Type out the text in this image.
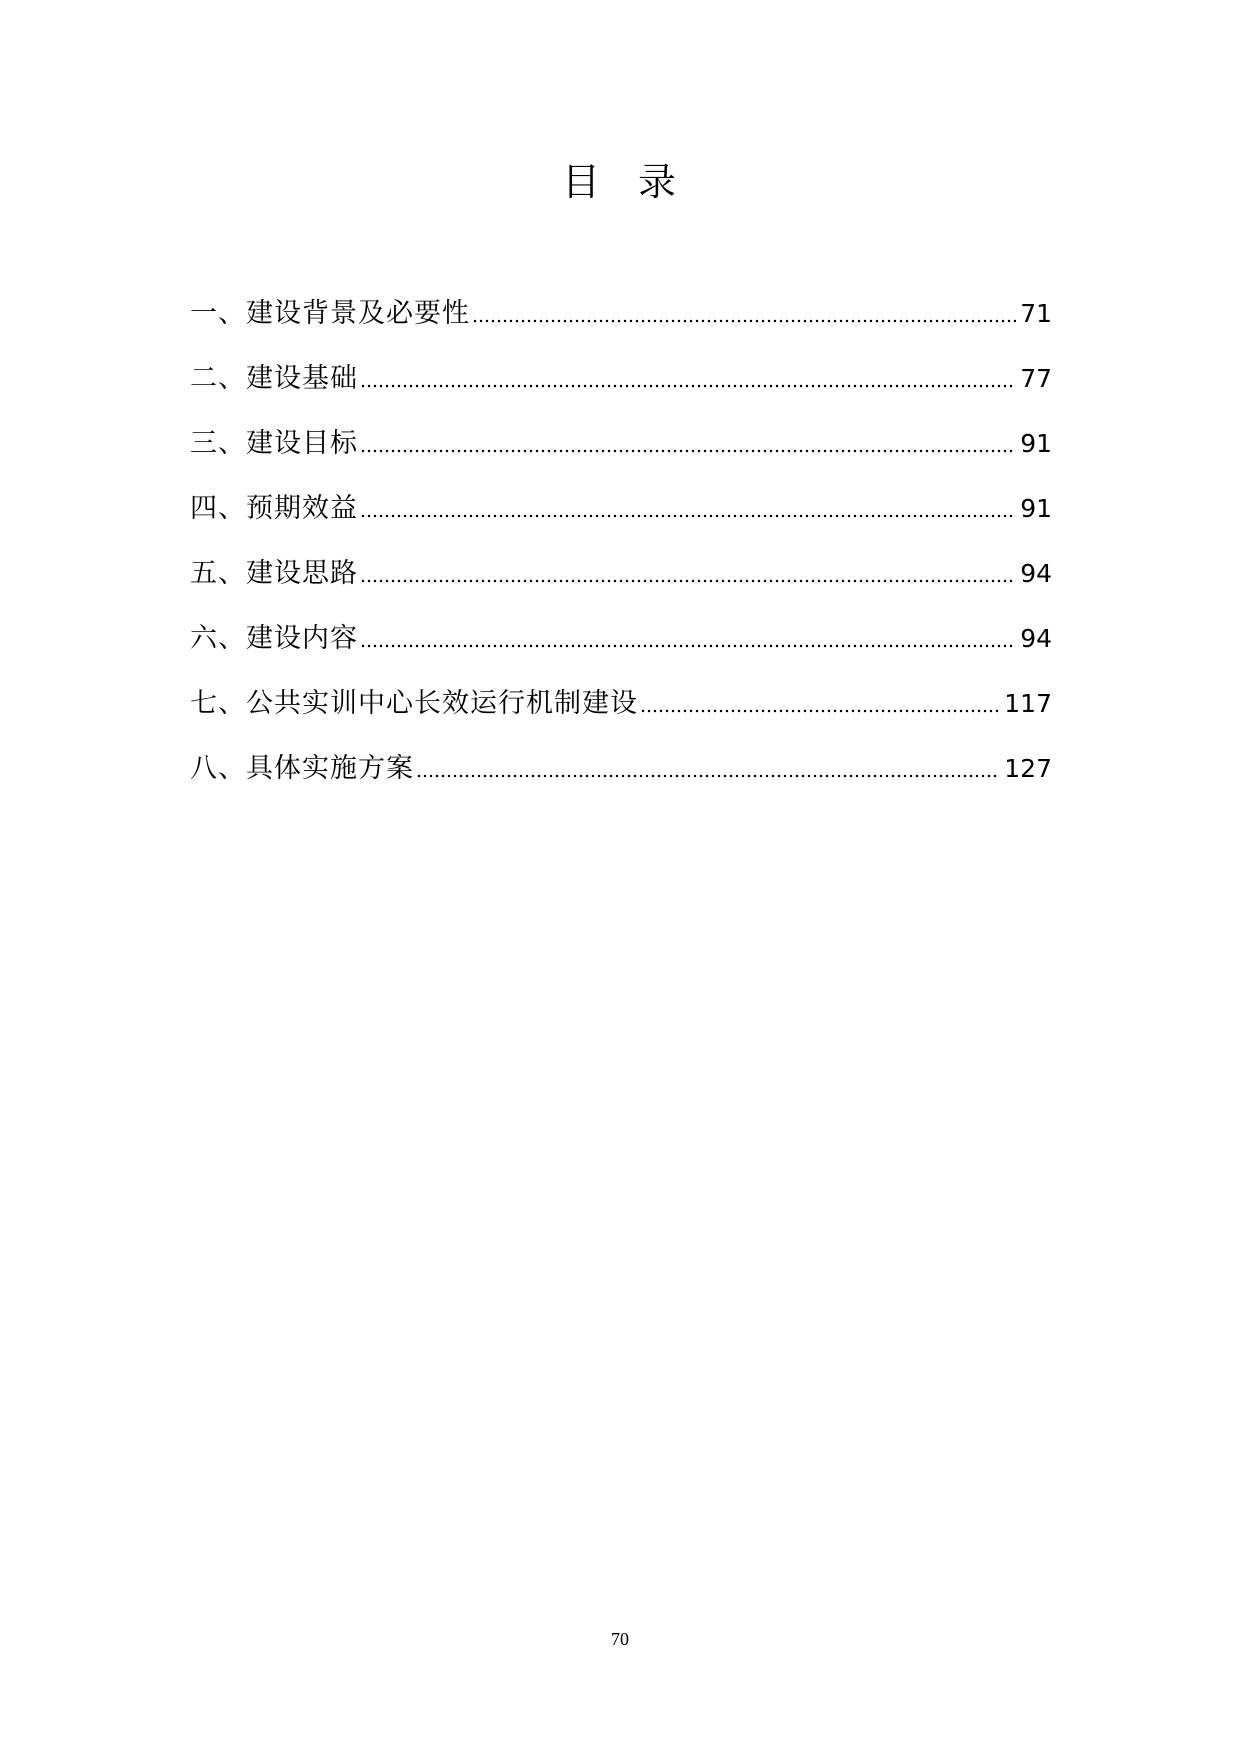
目 录
一、建设背景及必要性	71
二、建设基础	77
三、建设目标	91
四、预期效益	91
五、建设思路	94
六、建设内容	94
七、公共实训中心长效运行机制建设	117
八、具体实施方案	127
70
